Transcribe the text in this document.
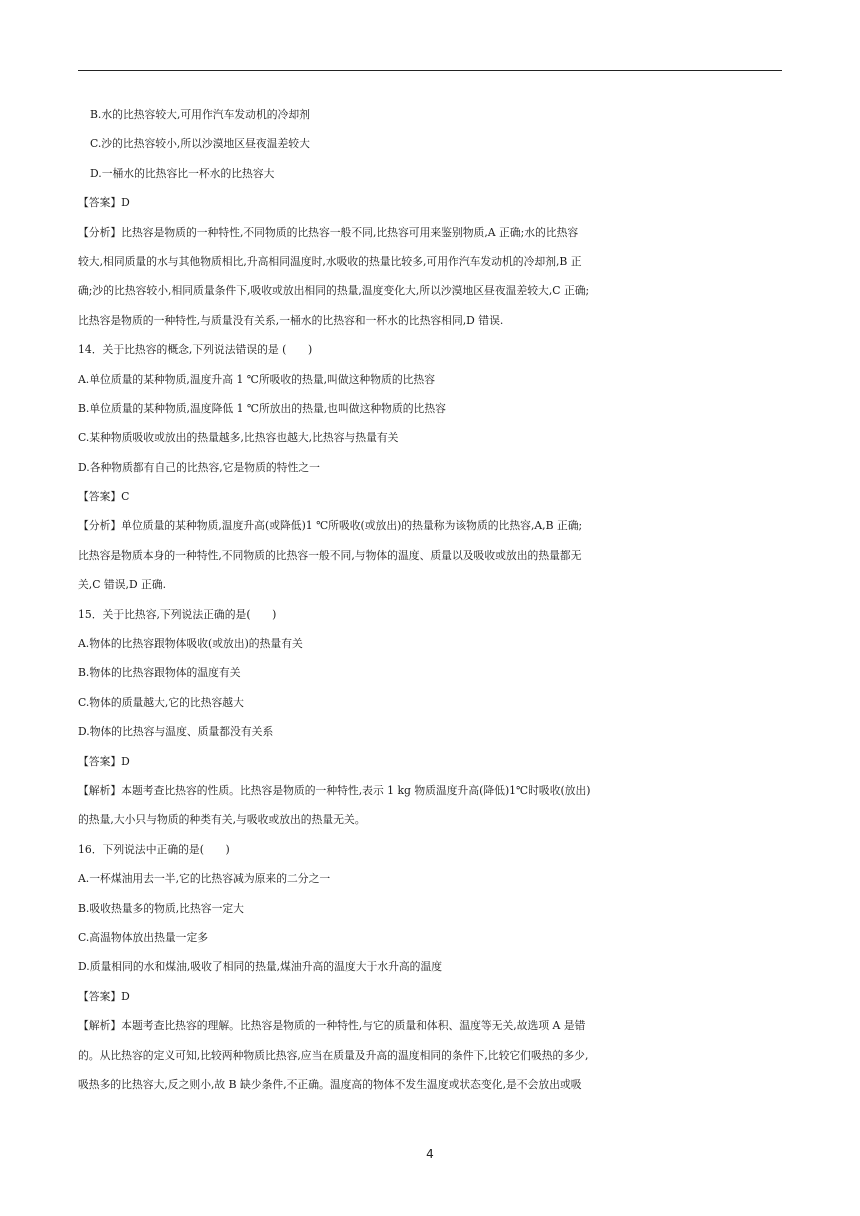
B.水的比热容较大,可用作汽车发动机的冷却剂
C.沙的比热容较小,所以沙漠地区昼夜温差较大
D.一桶水的比热容比一杯水的比热容大
【答案】D
【分析】比热容是物质的一种特性,不同物质的比热容一般不同,比热容可用来鉴别物质,A 正确;水的比热容
较大,相同质量的水与其他物质相比,升高相同温度时,水吸收的热量比较多,可用作汽车发动机的冷却剂,B 正
确;沙的比热容较小,相同质量条件下,吸收或放出相同的热量,温度变化大,所以沙漠地区昼夜温差较大,C 正确;
比热容是物质的一种特性,与质量没有关系,一桶水的比热容和一杯水的比热容相同,D 错误.
14．关于比热容的概念,下列说法错误的是 (　　)
A.单位质量的某种物质,温度升高 1 ℃所吸收的热量,叫做这种物质的比热容
B.单位质量的某种物质,温度降低 1 ℃所放出的热量,也叫做这种物质的比热容
C.某种物质吸收或放出的热量越多,比热容也越大,比热容与热量有关
D.各种物质都有自己的比热容,它是物质的特性之一
【答案】C
【分析】单位质量的某种物质,温度升高(或降低)1 ℃所吸收(或放出)的热量称为该物质的比热容,A,B 正确;
比热容是物质本身的一种特性,不同物质的比热容一般不同,与物体的温度、质量以及吸收或放出的热量都无
关,C 错误,D 正确.
15．关于比热容,下列说法正确的是(　　)
A.物体的比热容跟物体吸收(或放出)的热量有关
B.物体的比热容跟物体的温度有关
C.物体的质量越大,它的比热容越大
D.物体的比热容与温度、质量都没有关系
【答案】D
【解析】本题考查比热容的性质。比热容是物质的一种特性,表示 1 kg 物质温度升高(降低)1℃时吸收(放出)
的热量,大小只与物质的种类有关,与吸收或放出的热量无关。
16．下列说法中正确的是(　　)
A.一杯煤油用去一半,它的比热容减为原来的二分之一
B.吸收热量多的物质,比热容一定大
C.高温物体放出热量一定多
D.质量相同的水和煤油,吸收了相同的热量,煤油升高的温度大于水升高的温度
【答案】D
【解析】本题考查比热容的理解。比热容是物质的一种特性,与它的质量和体积、温度等无关,故选项 A 是错
的。从比热容的定义可知,比较两种物质比热容,应当在质量及升高的温度相同的条件下,比较它们吸热的多少,
吸热多的比热容大,反之则小,故 B 缺少条件,不正确。温度高的物体不发生温度或状态变化,是不会放出或吸
4
